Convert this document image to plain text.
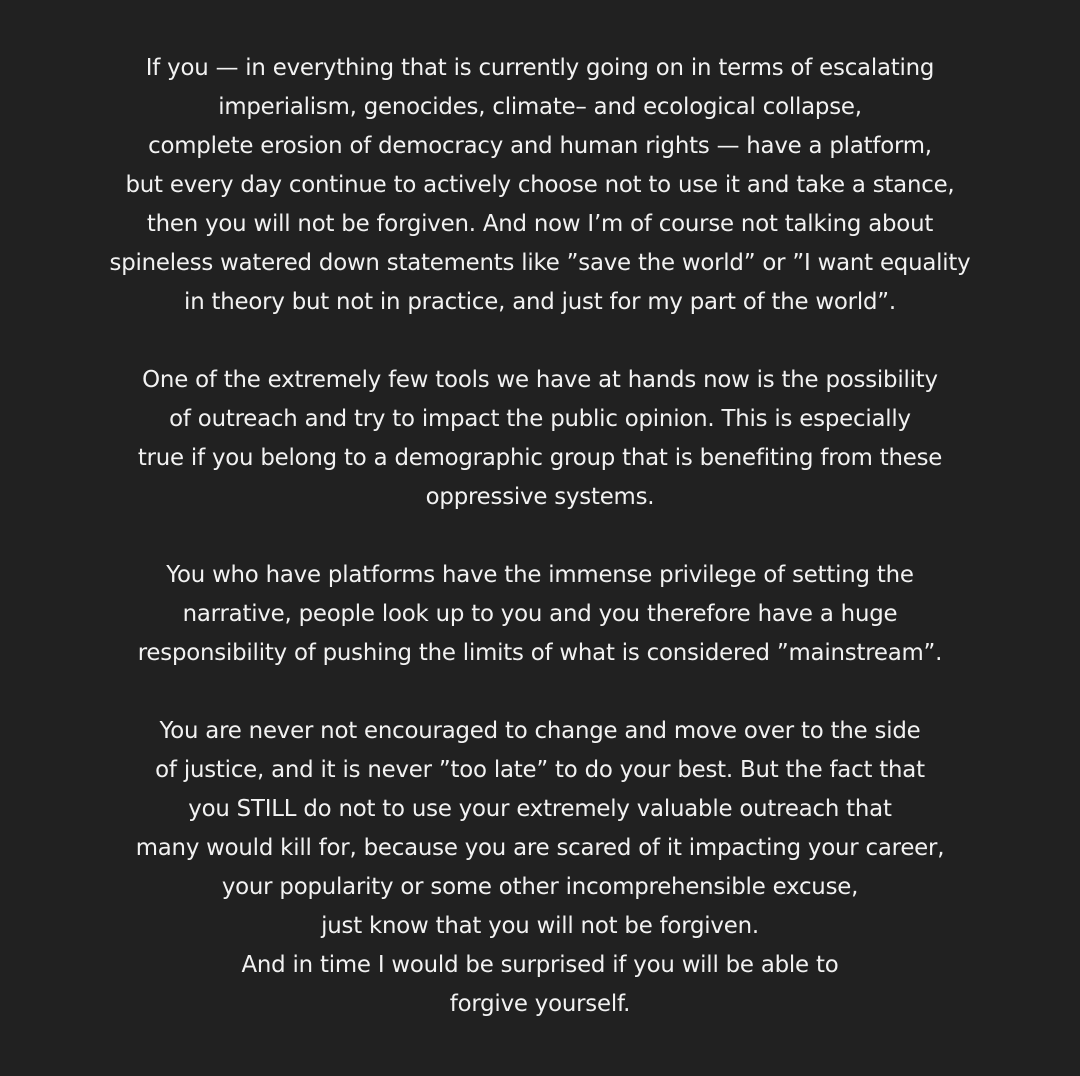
If you — in everything that is currently going on in terms of escalating
imperialism, genocides, climate– and ecological collapse,
complete erosion of democracy and human rights — have a platform,
but every day continue to actively choose not to use it and take a stance,
then you will not be forgiven. And now I’m of course not talking about
spineless watered down statements like ”save the world” or ”I want equality
in theory but not in practice, and just for my part of the world”.
One of the extremely few tools we have at hands now is the possibility
of outreach and try to impact the public opinion. This is especially
true if you belong to a demographic group that is benefiting from these
oppressive systems.
You who have platforms have the immense privilege of setting the
narrative, people look up to you and you therefore have a huge
responsibility of pushing the limits of what is considered ”mainstream”.
You are never not encouraged to change and move over to the side
of justice, and it is never ”too late” to do your best. But the fact that
you STILL do not to use your extremely valuable outreach that
many would kill for, because you are scared of it impacting your career,
your popularity or some other incomprehensible excuse,
just know that you will not be forgiven.
And in time I would be surprised if you will be able to
forgive yourself.
